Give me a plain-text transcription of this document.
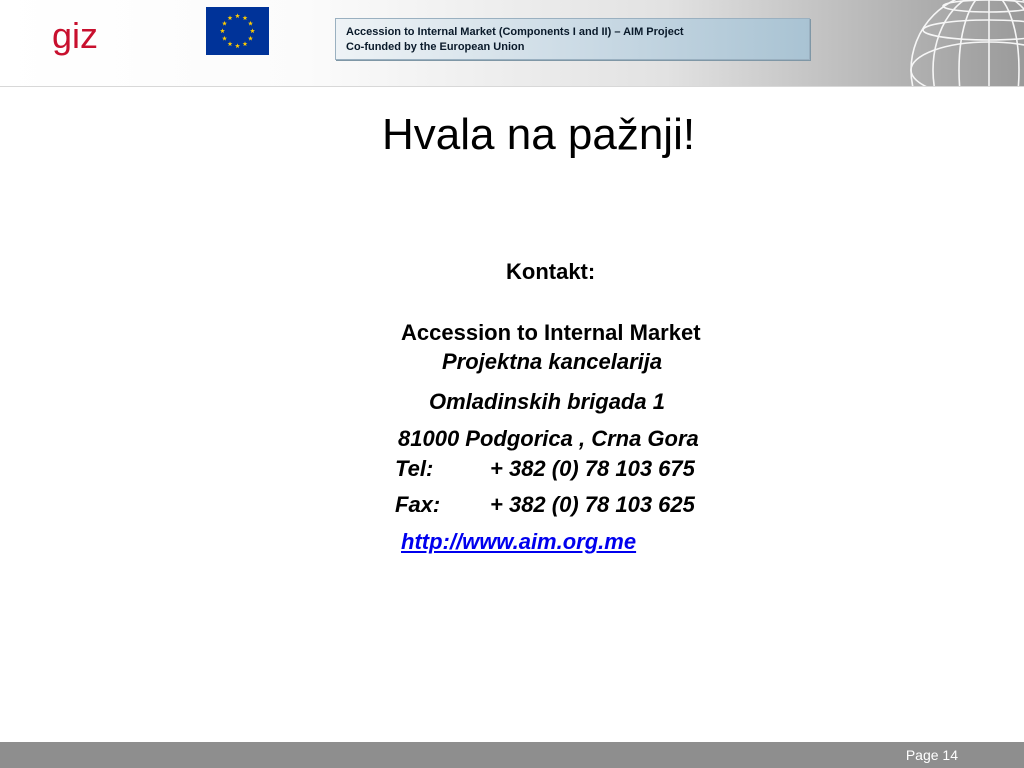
giz	Accession to Internal Market (Components I and II) – AIM Project
Co-funded by the European Union
Hvala na pažnji!
Kontakt:
Accession to Internal Market
Projektna kancelarija
Omladinskih brigada 1
81000 Podgorica , Crna Gora
Tel:	+ 382 (0) 78 103 675
Fax: + 382 (0) 78 103 625
http://www.aim.org.me
Page 14
